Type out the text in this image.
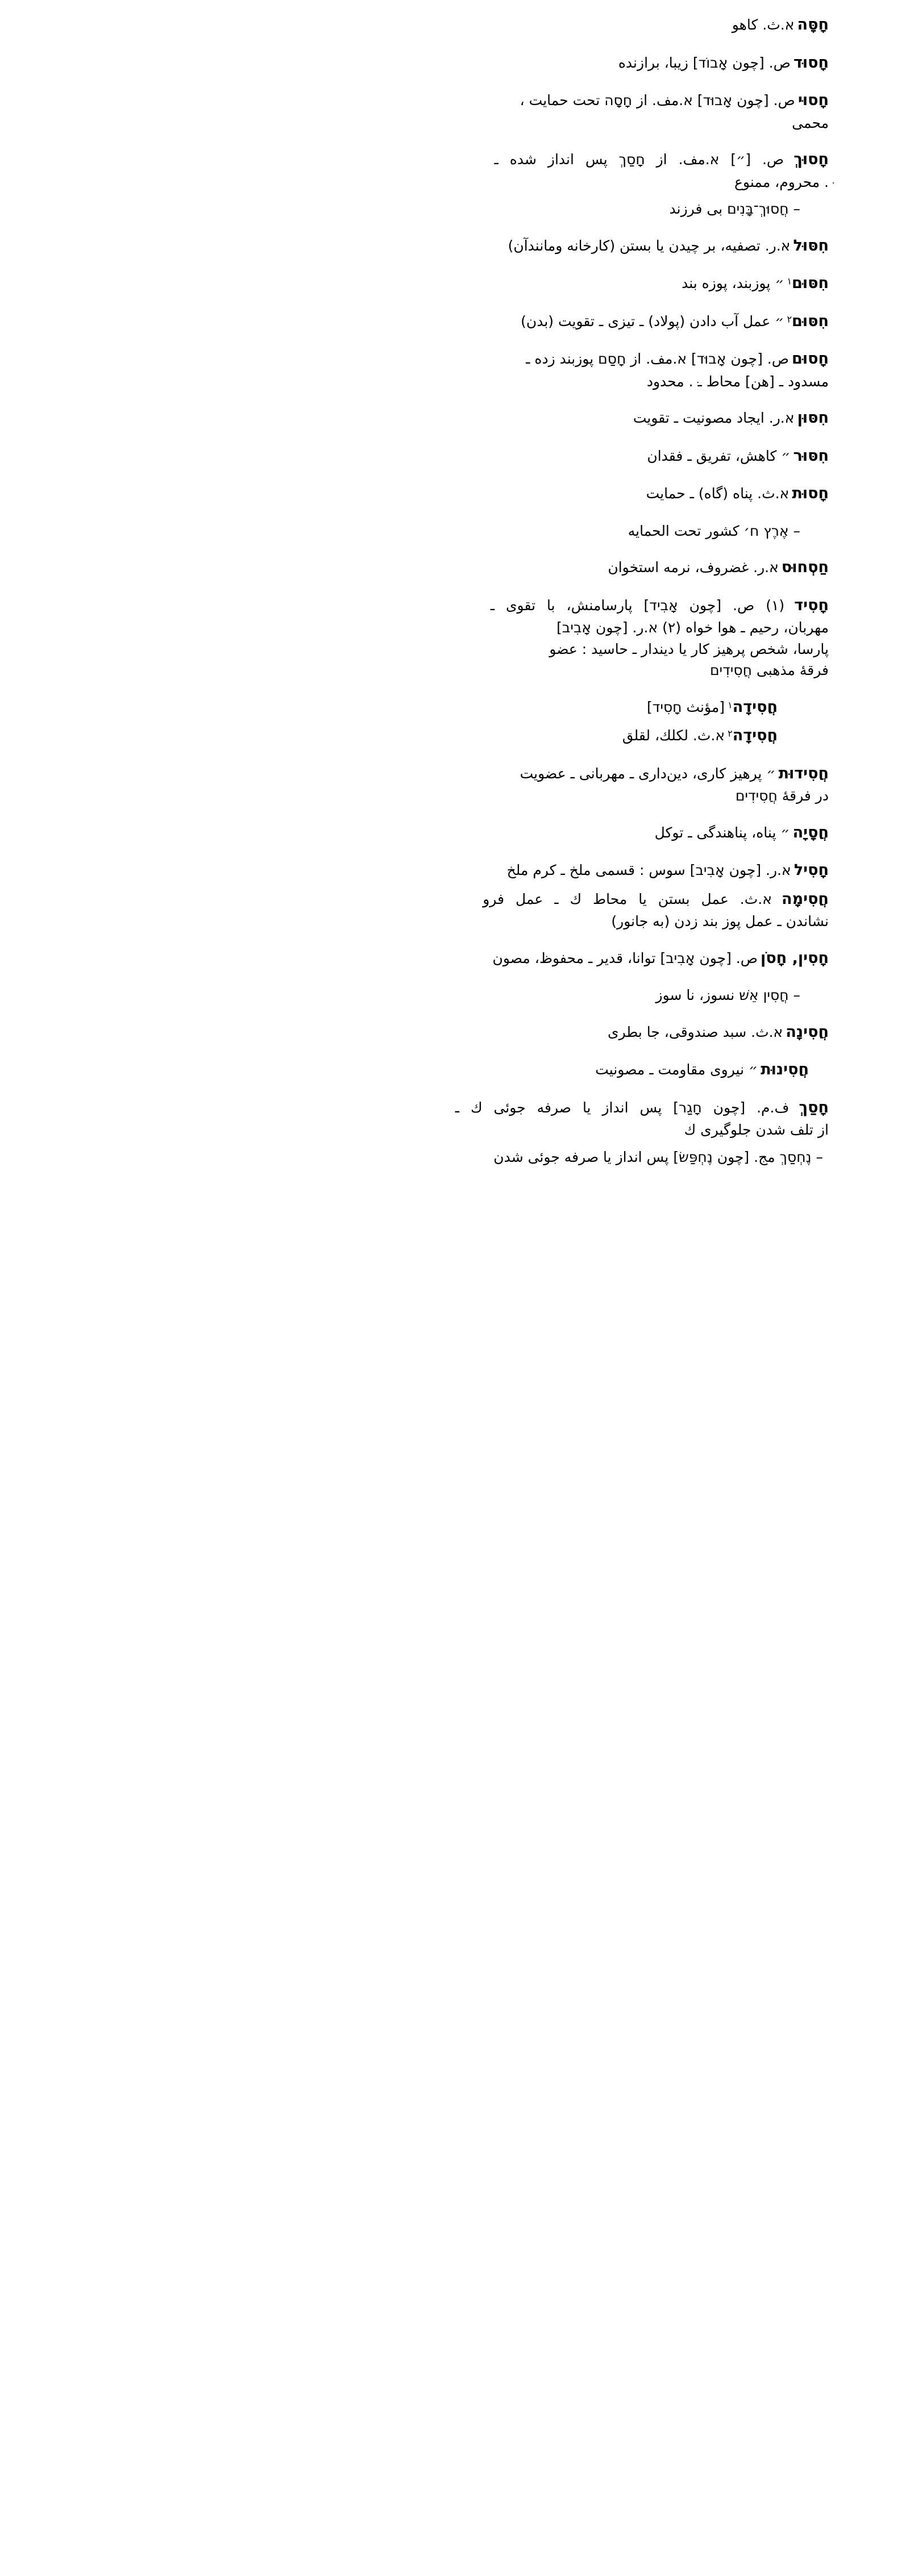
חָסָּה א.ث. كاهو
חָסוּד ص. [چون אָבוֹד] زيبا، برازنده
חָסוּי ص. [چون אָבוּד] א.مف. از חָסָה تحت حمايت ،
محمی
חָסוּךְ ص. [״] א.مف. از חָסַךְ پس انداز شده ـ
ּ. محروم، ممنوع
– חֲסוּךְ־בָּנִים بى فرزند
חִסּוּל א.ر. تصفيه، بر چيدن يا بستن (كارخانه ومانندآن)
חִסּוּם١ ״ پوزبند، پوزه بند
חִסּוּם٢ ״ عمل آب دادن (پولاد) ـ تيزى ـ تقويت (بدن)
חָסוּם ص. [چون אָבוּד] א.مف. از חָסַם پوزبند زده ـ
مسدود ـ [هن] محاط ـ ּ. محدود
חִסּוּן א.ر. ايجاد مصونيت ـ تقويت
חִסּוּר ״ كاهش، تفريق ـ فقدان
חָסוּת א.ث. پناه (گاه) ـ حمايت
– אֶרֶץ ח׳ كشور تحت الحمايه
חַסְחוּס א.ر. غضروف، نرمه استخوان
חָסִיד (١) ص. [چون אָבִיד] پارسامنش، با تقوى ـ
مهربان، رحيم ـ هوا خواه (٢) א.ر. [چون אָבִיב]
پارسا، شخص پرهيز كار يا ديندار ـ حاسيد : عضو
فرقهٔ مذهبى חֲסִידִים
חֲסִידָה١ [مؤنث חָסִיד]
חֲסִידָה٢ א.ث. لكلك، لقلق
חֲסִידוּת ״ پرهيز كارى، دين‌دارى ـ مهربانى ـ عضويت
در فرقهٔ חֲסִידִים
חֲסָיָה ״ پناه، پناهندگى ـ توكل
חָסִיל א.ر. [چون אָבִיב] سوس : قسمى ملخ ـ كرم ملخ
חֲסִימָה א.ث. عمل بستن يا محاط ك ـ عمل فرو
نشاندن ـ عمل پوز بند زدن (به جانور)
חָסִין, חָסֹן ص. [چون אָבִיב] توانا، قدير ـ محفوظ، مصون
– חֲסִין אֵשׁ نسوز، نا سوز
חֲסִינָה א.ث. سبد صندوقى، جا بطرى
חֲסִינוּת ״ نيروى مقاومت ـ مصونيت
חָסַךְ ف.م. [چون חָגַר] پس انداز يا صرفه جوئى ك ـ
از تلف شدن جلوگيرى ك
– נֶחְסַךְ مج. [چون נֶחְפַּשׂ] پس انداز يا صرفه جوئى شدن
